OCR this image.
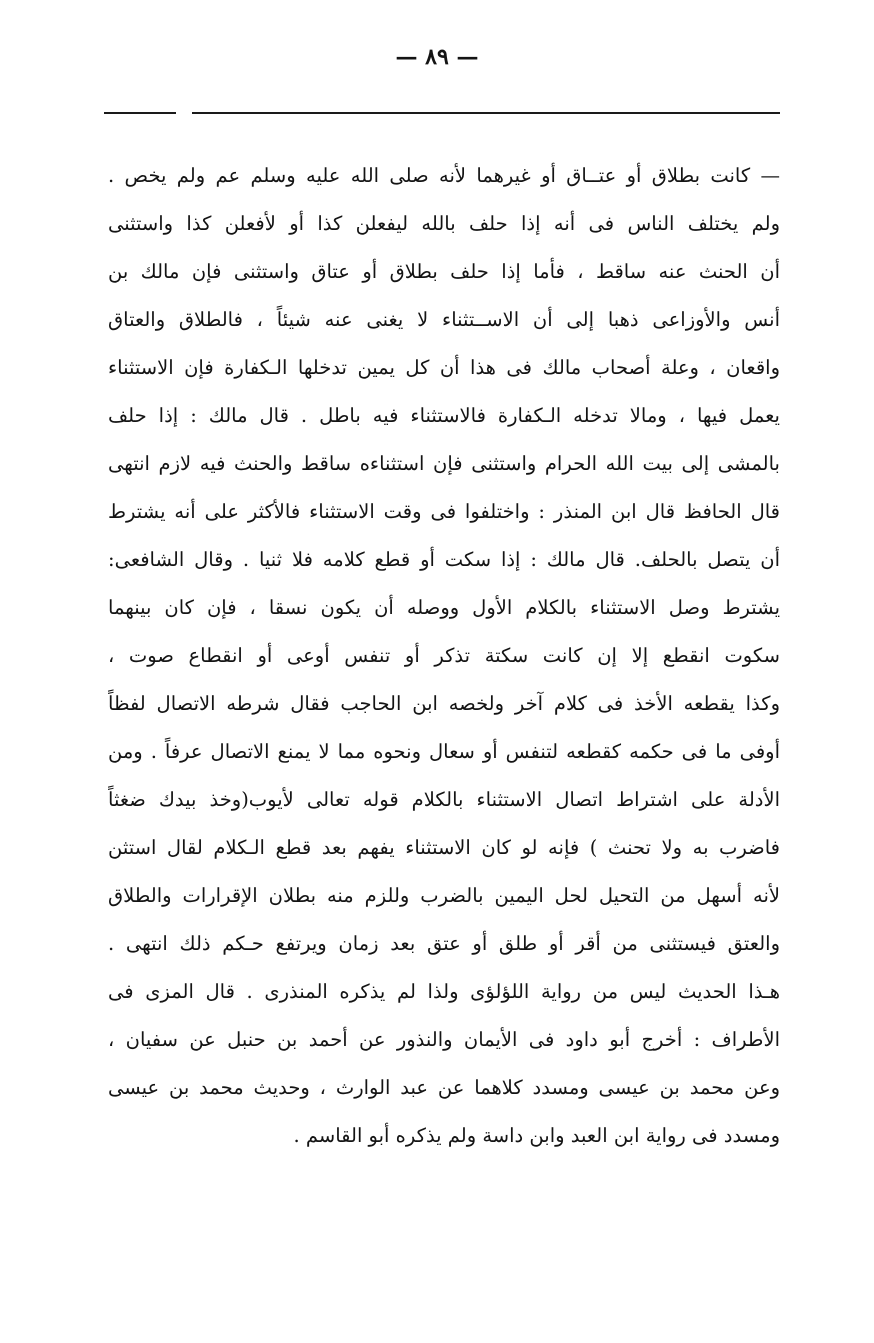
— ٨٩ —
— كانت بطلاق أو عتــاق أو غيرهما لأنه صلى الله عليه وسلم عم ولم يخص .
ولم يختلف الناس فى أنه إذا حلف بالله ليفعلن كذا أو لأفعلن كذا واستثنى
أن الحنث عنه ساقط ، فأما إذا حلف بطلاق أو عتاق واستثنى فإن مالك بن
أنس والأوزاعى ذهبا إلى أن الاســتثناء لا يغنى عنه شيئاً ، فالطلاق والعتاق
واقعان ، وعلة أصحاب مالك فى هذا أن كل يمين تدخلها الـكفارة فإن الاستثناء
يعمل فيها ، ومالا تدخله الـكفارة فالاستثناء فيه باطل . قال مالك : إذا حلف
بالمشى إلى بيت الله الحرام واستثنى فإن استثناءه ساقط والحنث فيه لازم انتهى
قال الحافظ قال ابن المنذر : واختلفوا فى وقت الاستثناء فالأكثر على أنه يشترط
أن يتصل بالحلف. قال مالك : إذا سكت أو قطع كلامه فلا ثنيا . وقال الشافعى:
يشترط وصل الاستثناء بالكلام الأول ووصله أن يكون نسقا ، فإن كان بينهما
سكوت انقطع إلا إن كانت سكتة تذكر أو تنفس أوعى أو انقطاع صوت ،
وكذا يقطعه الأخذ فى كلام آخر ولخصه ابن الحاجب فقال شرطه الاتصال لفظاً
أوفى ما فى حكمه كقطعه لتنفس أو سعال ونحوه مما لا يمنع الاتصال عرفاً . ومن
الأدلة على اشتراط اتصال الاستثناء بالكلام قوله تعالى لأيوب(وخذ بيدك ضغثاً
فاضرب به ولا تحنث ) فإنه لو كان الاستثناء يفهم بعد قطع الـكلام لقال استثن
لأنه أسهل من التحيل لحل اليمين بالضرب وللزم منه بطلان الإقرارات والطلاق
والعتق فيستثنى من أقر أو طلق أو عتق بعد زمان ويرتفع حـكم ذلك انتهى .
هـذا الحديث ليس من رواية اللؤلؤى ولذا لم يذكره المنذرى . قال المزى فى
الأطراف : أخرج أبو داود فى الأيمان والنذور عن أحمد بن حنبل عن سفيان ،
وعن محمد بن عيسى ومسدد كلاهما عن عبد الوارث ، وحديث محمد بن عيسى
ومسدد فى رواية ابن العبد وابن داسة ولم يذكره أبو القاسم .
